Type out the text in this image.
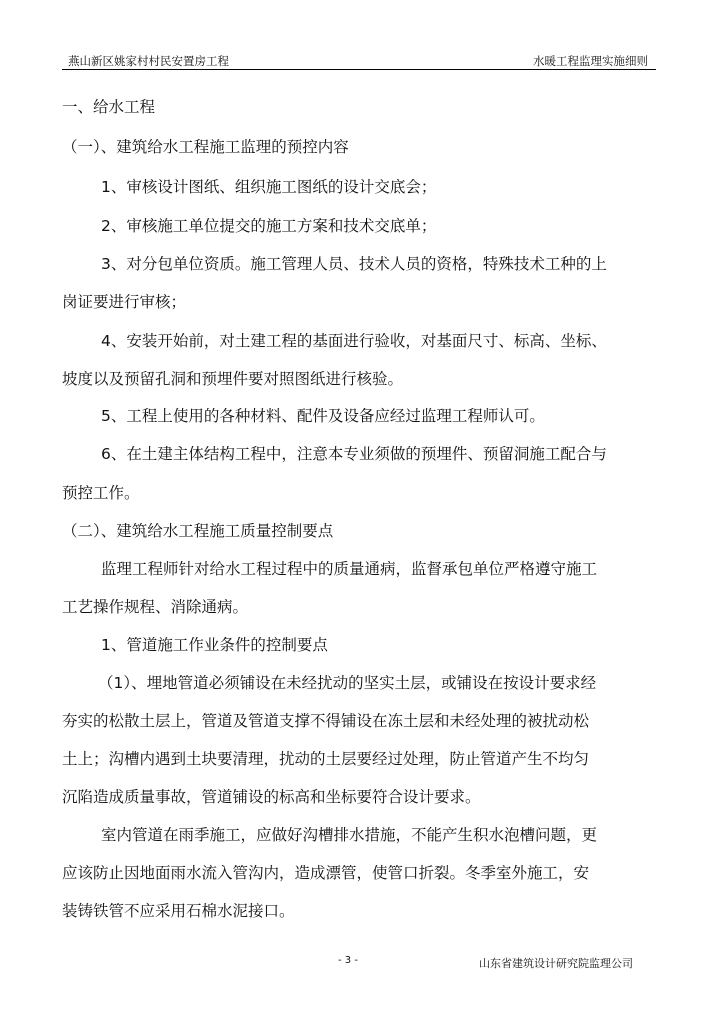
燕山新区姚家村村民安置房工程	水暖工程监理实施细则
一、给水工程
（一）、建筑给水工程施工监理的预控内容
1、审核设计图纸、组织施工图纸的设计交底会；
2、审核施工单位提交的施工方案和技术交底单；
3、对分包单位资质。施工管理人员、技术人员的资格，特殊技术工种的上
岗证要进行审核；
4、安装开始前，对土建工程的基面进行验收，对基面尺寸、标高、坐标、
坡度以及预留孔洞和预埋件要对照图纸进行核验。
5、工程上使用的各种材料、配件及设备应经过监理工程师认可。
6、在土建主体结构工程中，注意本专业须做的预埋件、预留洞施工配合与
预控工作。
（二）、建筑给水工程施工质量控制要点
监理工程师针对给水工程过程中的质量通病，监督承包单位严格遵守施工
工艺操作规程、消除通病。
1、管道施工作业条件的控制要点
（1）、埋地管道必须铺设在未经扰动的坚实土层，或铺设在按设计要求经
夯实的松散土层上，管道及管道支撑不得铺设在冻土层和未经处理的被扰动松
土上；沟槽内遇到土块要清理，扰动的土层要经过处理，防止管道产生不均匀
沉陷造成质量事故，管道铺设的标高和坐标要符合设计要求。
室内管道在雨季施工，应做好沟槽排水措施，不能产生积水泡槽问题，更
应该防止因地面雨水流入管沟内，造成漂管，使管口折裂。冬季室外施工，安
装铸铁管不应采用石棉水泥接口。
- 3 -	山东省建筑设计研究院监理公司
